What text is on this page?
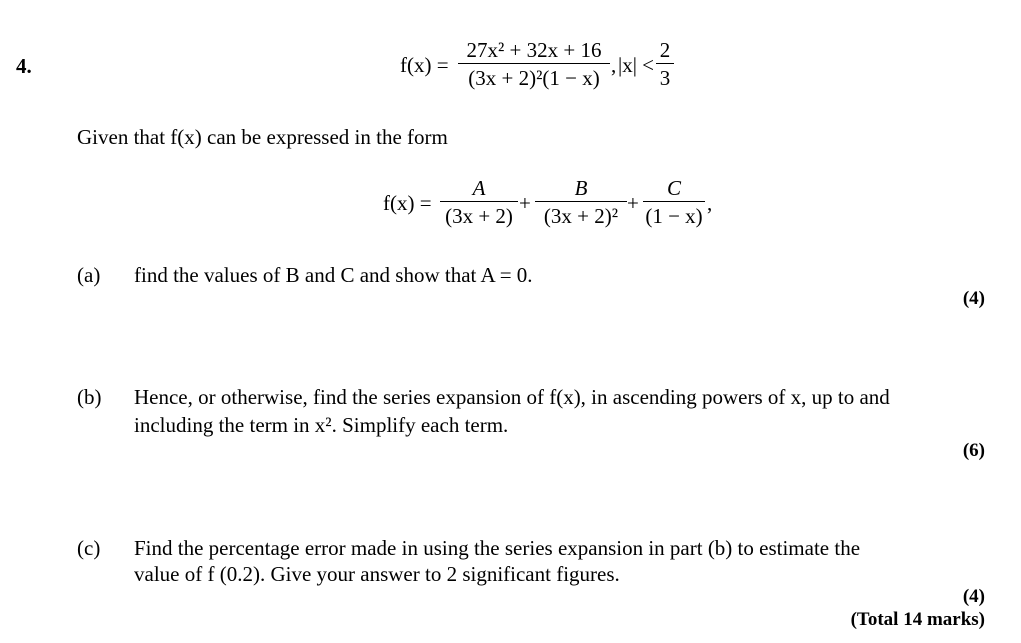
4.	f(x) =
27x² + 32x + 16
(3x + 2)²(1 − x)
, |x| <
2
3
Given that f(x) can be expressed in the form
f(x) =
A
(3x + 2)
+
B
(3x + 2)²
+
C
(1 − x)
,
(a) find the values of B and C and show that A = 0.
(4)
(b) Hence, or otherwise, find the series expansion of f(x), in ascending powers of x, up to and
including the term in x². Simplify each term.
(6)
(c) Find the percentage error made in using the series expansion in part (b) to estimate the
value of f (0.2). Give your answer to 2 significant figures.
(4)
(Total 14 marks)
